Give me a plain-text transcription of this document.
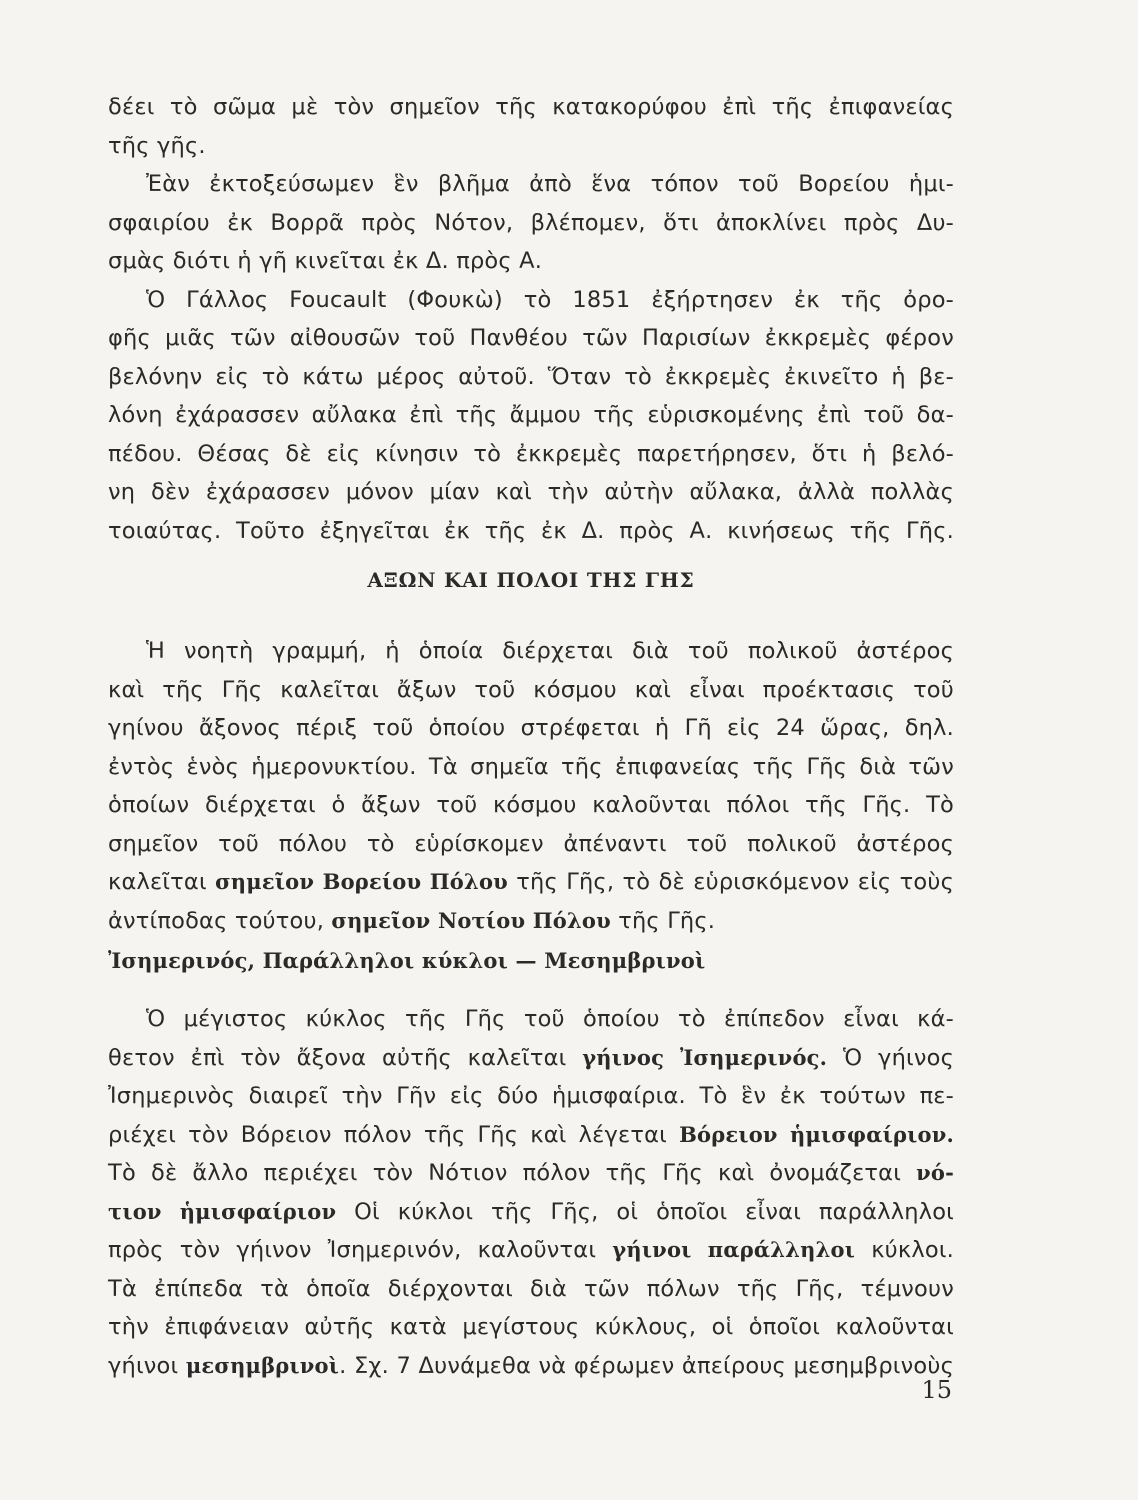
δέει τὸ σῶμα μὲ τὸν σημεῖον τῆς κατακορύφου ἐπὶ τῆς ἐπιφανείας
τῆς γῆς.
Ἐὰν ἐκτοξεύσωμεν ἓν βλῆμα ἀπὸ ἕνα τόπον τοῦ Βορείου ἡμι-
σφαιρίου ἐκ Βορρᾶ πρὸς Νότον, βλέπομεν, ὅτι ἀποκλίνει πρὸς Δυ-
σμὰς διότι ἡ γῆ κινεῖται ἐκ Δ. πρὸς Α.
Ὁ Γάλλος Foucault (Φουκὼ) τὸ 1851 ἐξήρτησεν ἐκ τῆς ὀρο-
φῆς μιᾶς τῶν αἰθουσῶν τοῦ Πανθέου τῶν Παρισίων ἐκκρεμὲς φέρον
βελόνην εἰς τὸ κάτω μέρος αὐτοῦ. Ὅταν τὸ ἐκκρεμὲς ἐκινεῖτο ἡ βε-
λόνη ἐχάρασσεν αὔλακα ἐπὶ τῆς ἄμμου τῆς εὑρισκομένης ἐπὶ τοῦ δα-
πέδου. Θέσας δὲ εἰς κίνησιν τὸ ἐκκρεμὲς παρετήρησεν, ὅτι ἡ βελό-
νη δὲν ἐχάρασσεν μόνον μίαν καὶ τὴν αὐτὴν αὔλακα, ἀλλὰ πολλὰς
τοιαύτας. Τοῦτο ἐξηγεῖται ἐκ τῆς ἐκ Δ. πρὸς Α. κινήσεως τῆς Γῆς.
ΑΞΩΝ ΚΑΙ ΠΟΛΟΙ ΤΗΣ ΓΗΣ
Ἡ νοητὴ γραμμή, ἡ ὁποία διέρχεται διὰ τοῦ πολικοῦ ἀστέρος
καὶ τῆς Γῆς καλεῖται ἄξων τοῦ κόσμου καὶ εἶναι προέκτασις τοῦ
γηίνου ἄξονος πέριξ τοῦ ὁποίου στρέφεται ἡ Γῆ εἰς 24 ὥρας, δηλ.
ἐντὸς ἑνὸς ἡμερονυκτίου. Τὰ σημεῖα τῆς ἐπιφανείας τῆς Γῆς διὰ τῶν
ὁποίων διέρχεται ὁ ἄξων τοῦ κόσμου καλοῦνται πόλοι τῆς Γῆς. Τὸ
σημεῖον τοῦ πόλου τὸ εὑρίσκομεν ἀπέναντι τοῦ πολικοῦ ἀστέρος
καλεῖται σημεῖον Βορείου Πόλου τῆς Γῆς, τὸ δὲ εὑρισκόμενον εἰς τοὺς
ἀντίποδας τούτου, σημεῖον Νοτίου Πόλου τῆς Γῆς.
Ἰσημερινός, Παράλληλοι κύκλοι — Μεσημβρινοὶ
Ὁ μέγιστος κύκλος τῆς Γῆς τοῦ ὁποίου τὸ ἐπίπεδον εἶναι κά-
θετον ἐπὶ τὸν ἄξονα αὐτῆς καλεῖται γήινος Ἰσημερινός. Ὁ γήινος
Ἰσημερινὸς διαιρεῖ τὴν Γῆν εἰς δύο ἡμισφαίρια. Τὸ ἓν ἐκ τούτων πε-
ριέχει τὸν Βόρειον πόλον τῆς Γῆς καὶ λέγεται Βόρειον ἡμισφαίριον.
Τὸ δὲ ἄλλο περιέχει τὸν Νότιον πόλον τῆς Γῆς καὶ ὀνομάζεται νό-
τιον ἡμισφαίριον Οἱ κύκλοι τῆς Γῆς, οἱ ὁποῖοι εἶναι παράλληλοι
πρὸς τὸν γήινον Ἰσημερινόν, καλοῦνται γήινοι παράλληλοι κύκλοι.
Τὰ ἐπίπεδα τὰ ὁποῖα διέρχονται διὰ τῶν πόλων τῆς Γῆς, τέμνουν
τὴν ἐπιφάνειαν αὐτῆς κατὰ μεγίστους κύκλους, οἱ ὁποῖοι καλοῦνται
γήινοι μεσημβρινοὶ. Σχ. 7 Δυνάμεθα νὰ φέρωμεν ἀπείρους μεσημβρινοὺς
15
